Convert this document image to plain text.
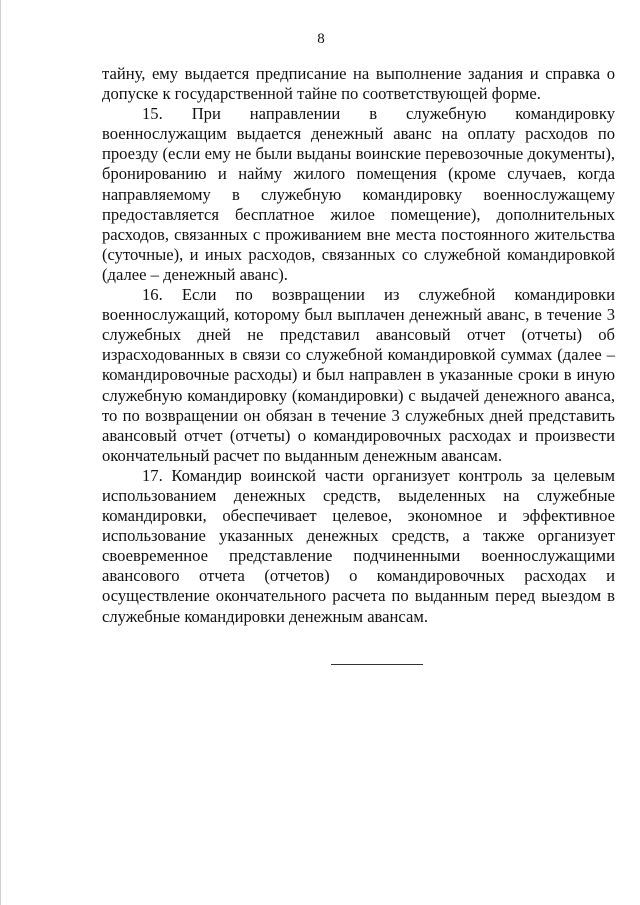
8

тайну, ему выдается предписание на выполнение задания и справка о допуске к государственной тайне по соответствующей форме.

15. При направлении в служебную командировку военнослужащим выдается денежный аванс на оплату расходов по проезду (если ему не были выданы воинские перевозочные документы), бронированию и найму жилого помещения (кроме случаев, когда направляемому в служебную командировку военнослужащему предоставляется бесплатное жилое помещение), дополнительных расходов, связанных с проживанием вне места постоянного жительства (суточные), и иных расходов, связанных со служебной командировкой (далее – денежный аванс).

16. Если по возвращении из служебной командировки военнослужащий, которому был выплачен денежный аванс, в течение 3 служебных дней не представил авансовый отчет (отчеты) об израсходованных в связи со служебной командировкой суммах (далее – командировочные расходы) и был направлен в указанные сроки в иную служебную командировку (командировки) с выдачей денежного аванса, то по возвращении он обязан в течение 3 служебных дней представить авансовый отчет (отчеты) о командировочных расходах и произвести окончательный расчет по выданным денежным авансам.

17. Командир воинской части организует контроль за целевым использованием денежных средств, выделенных на служебные командировки, обеспечивает целевое, экономное и эффективное использование указанных денежных средств, а также организует своевременное представление подчиненными военнослужащими авансового отчета (отчетов) о командировочных расходах и осуществление окончательного расчета по выданным перед выездом в служебные командировки денежным авансам.
